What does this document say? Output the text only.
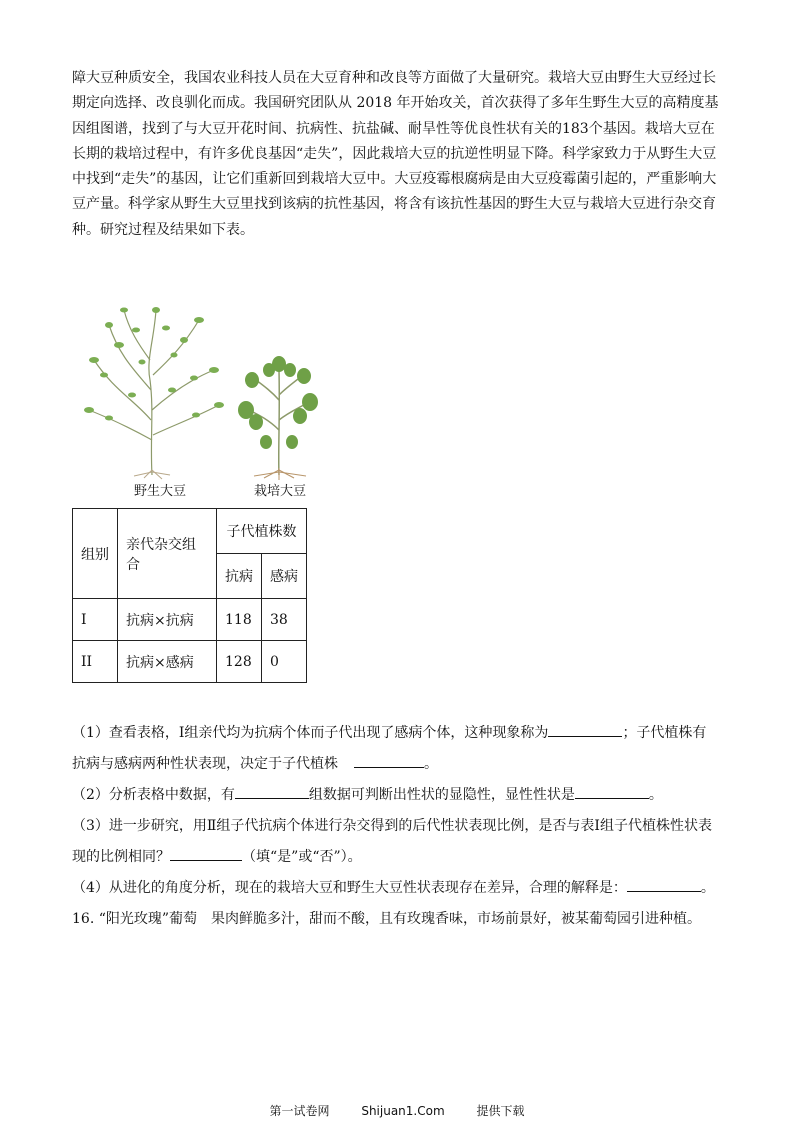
障大豆种质安全，我国农业科技人员在大豆育种和改良等方面做了大量研究。栽培大豆由野生大豆经过长
期定向选择、改良驯化而成。我国研究团队从 2018 年开始攻关，首次获得了多年生野生大豆的高精度基
因组图谱，找到了与大豆开花时间、抗病性、抗盐碱、耐旱性等优良性状有关的183个基因。栽培大豆在
长期的栽培过程中，有许多优良基因“走失”，因此栽培大豆的抗逆性明显下降。科学家致力于从野生大豆
中找到“走失”的基因，让它们重新回到栽培大豆中。大豆疫霉根腐病是由大豆疫霉菌引起的，严重影响大
豆产量。科学家从野生大豆里找到该病的抗性基因，将含有该抗性基因的野生大豆与栽培大豆进行杂交育
种。研究过程及结果如下表。
野生大豆	栽培大豆
组别	亲代杂交组合	子代植株数	
		抗病	感病
I	抗病×抗病	118	38
II	抗病×感病	128	0

（1）查看表格，I组亲代均为抗病个体而子代出现了感病个体，这种现象称为	；子代植株有

抗病与感病两种性状表现，决定于子代植株	。

（2）分析表格中数据，有	组数据可判断出性状的显隐性，显性性状是	。

（3）进一步研究，用Ⅱ组子代抗病个体进行杂交得到的后代性状表现比例，是否与表Ⅰ组子代植株性状表

现的比例相同？	（填“是”或“否”）。

（4）从进化的角度分析，现在的栽培大豆和野生大豆性状表现存在差异，合理的解释是：	。

16. “阳光玫瑰”葡萄　果肉鲜脆多汁，甜而不酸，且有玫瑰香味，市场前景好，被某葡萄园引进种植。

第一试卷网	Shijuan1.Com	提供下载
